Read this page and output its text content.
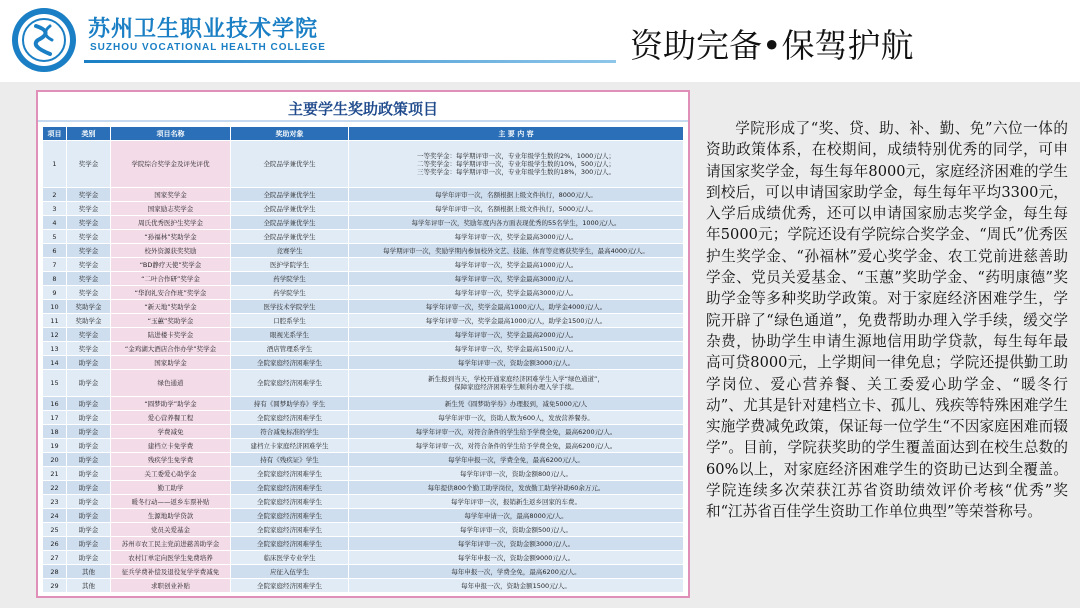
苏州卫生职业技术学院
SUZHOU VOCATIONAL HEALTH COLLEGE	资助完备•保驾护航
主要学生奖助政策项目
项目	类别	项目名称	奖助对象	主 要 内 容
1	奖学金	学院综合奖学金及评先评优	全院品学兼优学生	一等奖学金：每学期评审一次，专业年级学生数的2%，1000元/人；
二等奖学金：每学期评审一次，专业年级学生数的10%，500元/人；
三等奖学金：每学期评审一次，专业年级学生数的18%，300元/人。
2	奖学金	国家奖学金	全院品学兼优学生	每学年评审一次，名额根据上级文件执行，8000元/人。
3	奖学金	国家励志奖学金	全院品学兼优学生	每学年评审一次，名额根据上级文件执行，5000元/人。
4	奖学金	周氏优秀医护生奖学金	全院品学兼优学生	每学年评审一次，奖励年度内各方面表现优秀的55名学生，1000元/人。
5	奖学金	“孙福林”奖助学金	全院品学兼优学生	每学年评审一次，奖学金最高3000元/人。
6	奖学金	校外资源获奖奖励	竞赛学生	每学期评审一次，奖励学期内参加校外文艺、技能、体育等竞赛获奖学生，最高4000元/人。
7	奖学金	“BD静疗天使”奖学金	医护学院学生	每学年评审一次，奖学金最高1000元/人。
8	奖学金	“二叶合作研”奖学金	药学院学生	每学年评审一次，奖学金最高3000元/人。
9	奖学金	“华润礼安合作班”奖学金	药学院学生	每学年评审一次，奖学金最高3000元/人。
10	奖助学金	“新天地”奖助学金	医学技术学院学生	每学年评审一次，奖学金最高1000元/人，助学金4000元/人。
11	奖助学金	“玉蕙”奖助学金	口腔系学生	每学年评审一次，奖学金最高1000元/人，助学金1500元/人。
12	奖学金	陆进楼卡奖学金	眼视光系学生	每学年评审一次，奖学金最高2000元/人。
13	奖学金	“金鸡湖大酒店合作办学”奖学金	酒店管理系学生	每学年评审一次，奖学金最高1500元/人。
14	助学金	国家助学金	全院家庭经济困难学生	每学年评审一次，资助金额3000元/人。
15	助学金	绿色通道	全院家庭经济困难学生	新生报到当天，学校开通家庭经济困难学生入学“绿色通道”，
保障家庭经济困难学生顺利办理入学手续。
16	助学金	“圆梦助学”助学金	持有《圆梦助学券》学生	新生凭《圆梦助学券》办理报到，减免5000元/人
17	助学金	爱心营养餐工程	全院家庭经济困难学生	每学年评审一次，资助人数为600人，发放营养餐券。
18	助学金	学费减免	符合减免标准的学生	每学年评审一次，对符合条件的学生给予学费全免，最高6200元/人。
19	助学金	建档立卡免学费	建档立卡家庭经济困难学生	每学年评审一次，对符合条件的学生给予学费全免，最高6200元/人。
20	助学金	残疾学生免学费	持有《残疾证》学生	每学年申报一次，学费全免，最高6200元/人。
21	助学金	关工委爱心助学金	全院家庭经济困难学生	每学年评审一次，资助金额800元/人。
22	助学金	勤工助学	全院家庭经济困难学生	每年提供800个勤工助学岗位，发放勤工助学补助60余万元。
23	助学金	暖冬行动——返乡车票补贴	全院家庭经济困难学生	每学年评审一次，报销新生返乡回家的车费。
24	助学金	生源地助学贷款	全院家庭经济困难学生	每学年申请一次，最高8000元/人。
25	助学金	党员关爱基金	全院家庭经济困难学生	每学年评审一次，资助金额500元/人。
26	助学金	苏州市农工民主党前进慈善助学金	全院家庭经济困难学生	每学年评审一次，资助金额3000元/人。
27	助学金	农村订单定向医学生免费培养	临床医学专业学生	每学年申报一次，资助金额9000元/人。
28	其他	征兵学费补偿及退役复学学费减免	应征入伍学生	每年申报一次，学费全免，最高6200元/人。
29	其他	求职创业补贴	全院家庭经济困难学生	每年申报一次，资助金额1500元/人。

学院形成了“奖、贷、助、补、勤、免”六位一体的资助政策体系，在校期间，成绩特别优秀的同学，可申请国家奖学金，每生每年8000元，家庭经济困难的学生到校后，可以申请国家助学金，每生每年平均3300元，入学后成绩优秀，还可以申请国家励志奖学金，每生每年5000元；学院还设有学院综合奖学金、“周氏”优秀医护生奖学金、“孙福林”爱心奖学金、农工党前进慈善助学金、党员关爱基金、“玉蕙”奖助学金、“药明康德”奖助学金等多种奖助学政策。对于家庭经济困难学生，学院开辟了“绿色通道”，免费帮助办理入学手续，缓交学杂费，协助学生申请生源地信用助学贷款，每生每年最高可贷8000元，上学期间一律免息；学院还提供勤工助学岗位、爱心营养餐、关工委爱心助学金、“暖冬行动”、尤其是针对建档立卡、孤儿、残疾等特殊困难学生实施学费减免政策，保证每一位学生“不因家庭困难而辍学”。目前，学院获奖助的学生覆盖面达到在校生总数的60%以上，对家庭经济困难学生的资助已达到全覆盖。学院连续多次荣获江苏省资助绩效评价考核“优秀”奖和“江苏省百佳学生资助工作单位典型”等荣誉称号。
